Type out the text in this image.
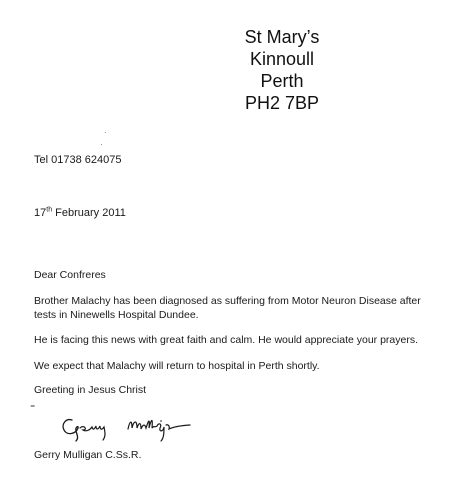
St Mary’s
Kinnoull
Perth
PH2 7BP
·
·
Tel 01738 624075
17th February 2011
Dear Confreres
Brother Malachy has been diagnosed as suffering from Motor Neuron Disease after tests in Ninewells Hospital Dundee.
He is facing this news with great faith and calm. He would appreciate your prayers.
We expect that Malachy will return to hospital in Perth shortly.
Greeting in Jesus Christ
⁼
Gerry Mulligan C.Ss.R.
